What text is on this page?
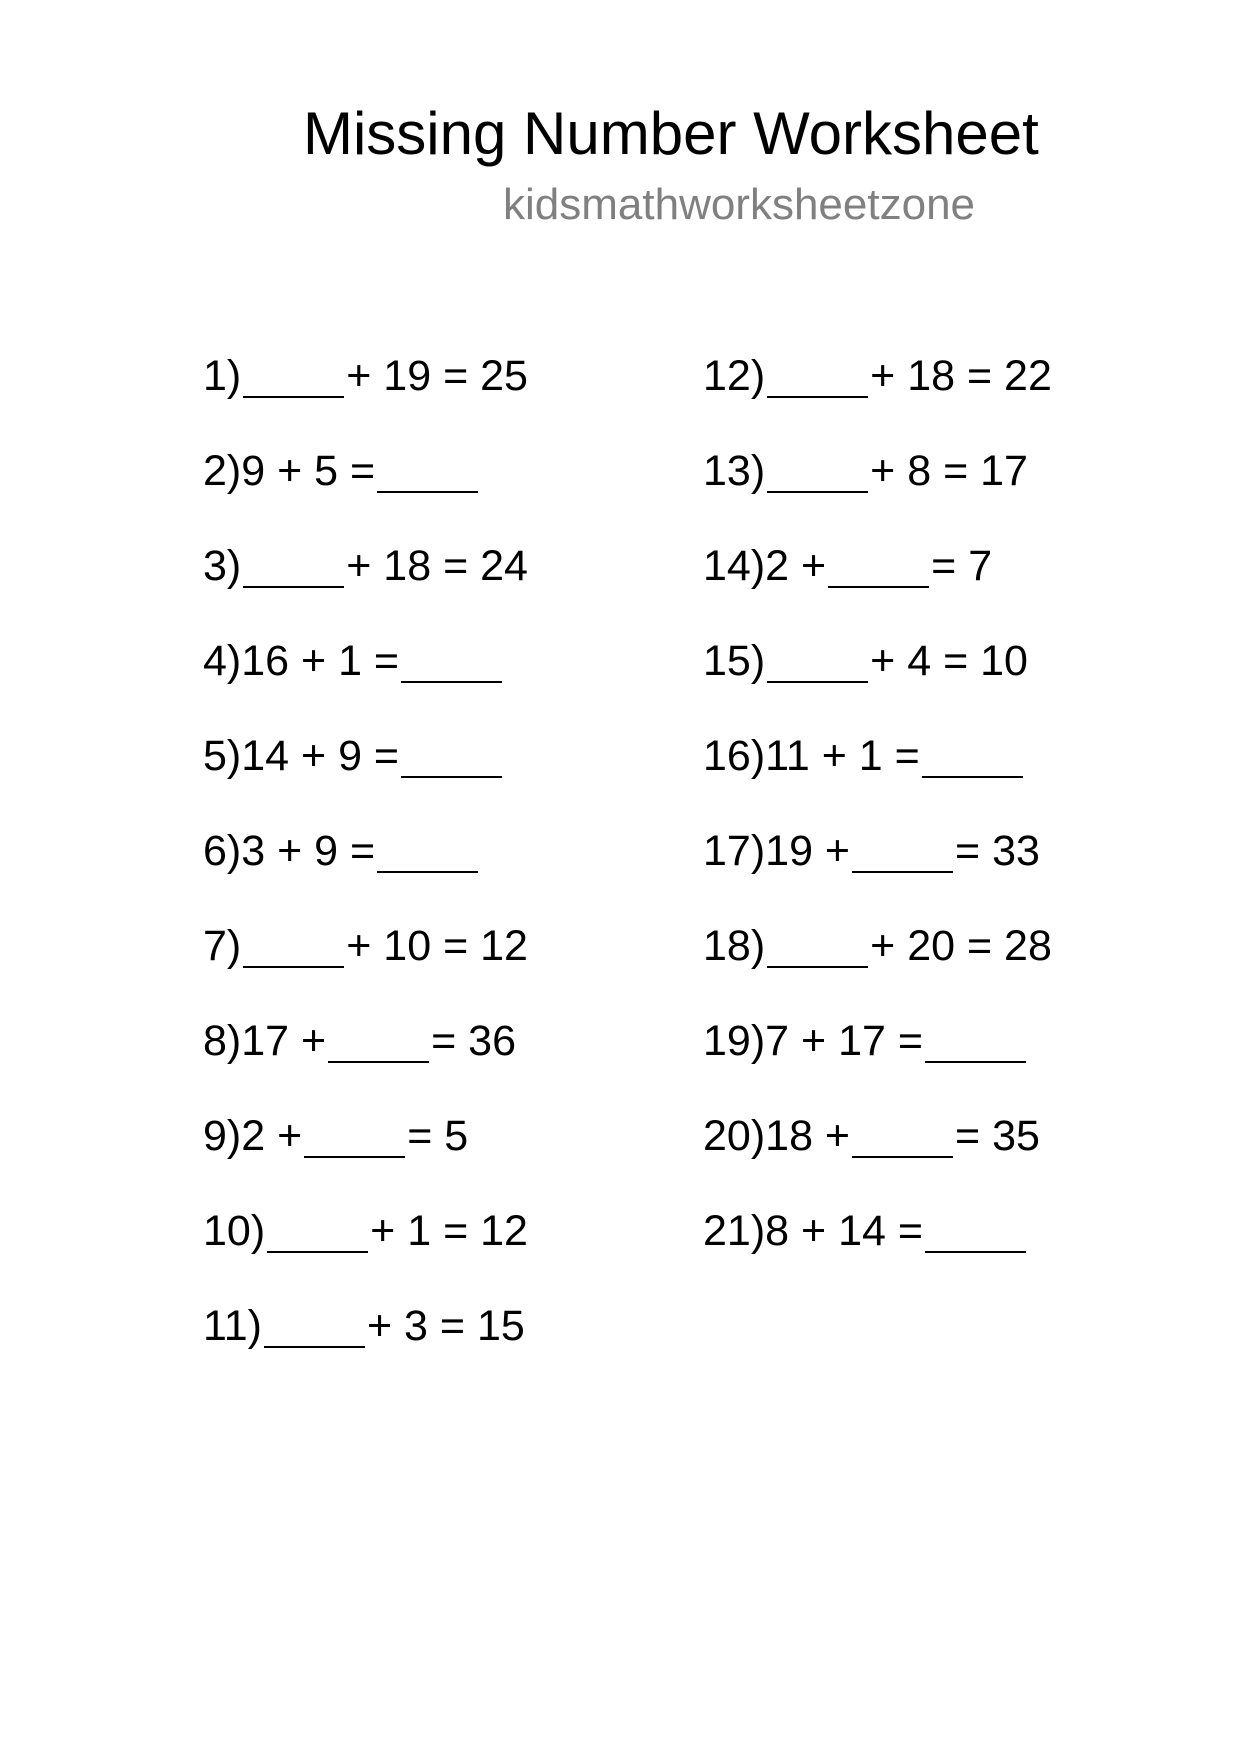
Missing Number Worksheet
kidsmathworksheetzone
1) + 19 = 25
2) 9 + 5 =
3) + 18 = 24
4) 16 + 1 =
5) 14 + 9 =
6) 3 + 9 =
7) + 10 = 12
8) 17 + = 36
9) 2 + = 5
10) + 1 = 12
11) + 3 = 15
12) + 18 = 22
13) + 8 = 17
14) 2 + = 7
15) + 4 = 10
16) 11 + 1 =
17) 19 + = 33
18) + 20 = 28
19) 7 + 17 =
20) 18 + = 35
21) 8 + 14 =
